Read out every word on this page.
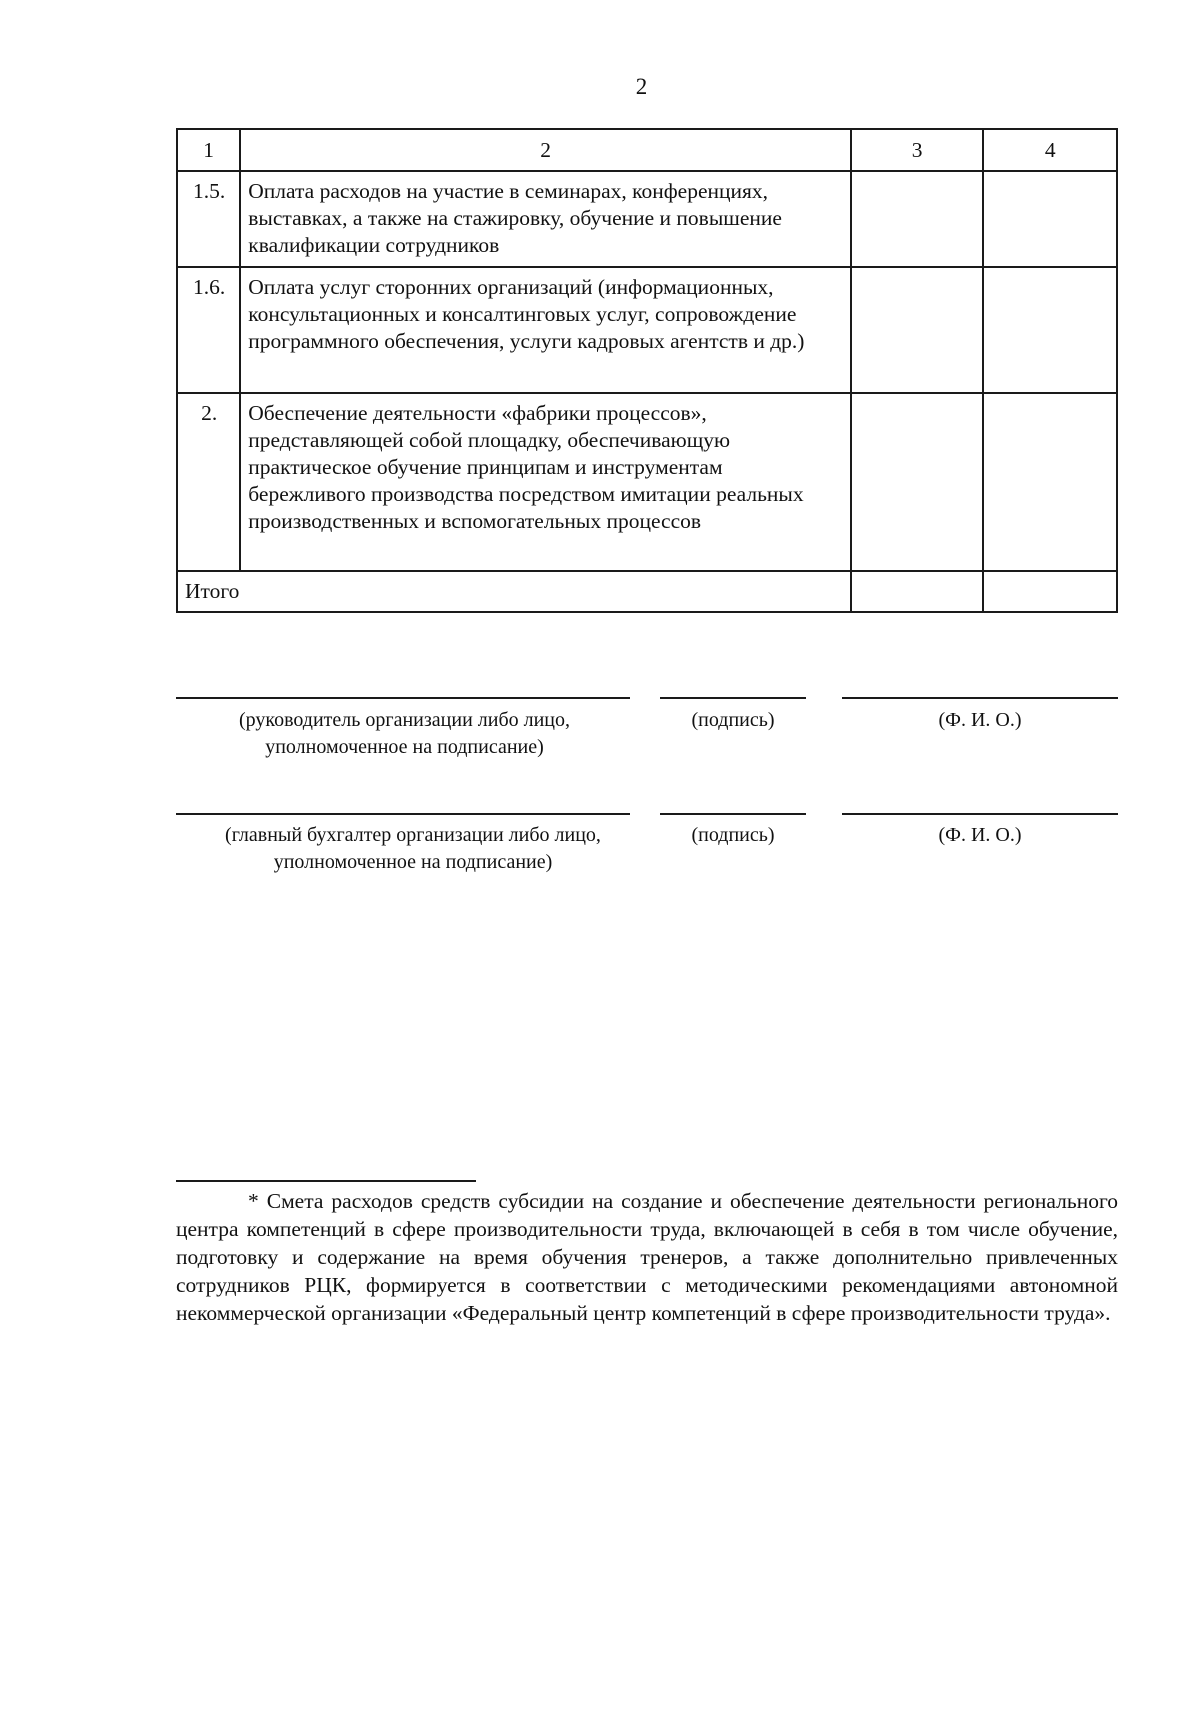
2
1	2	3	4
1.5.	Оплата расходов на участие в семинарах, конференциях, выставках, а также на стажировку, обучение и повышение квалификации сотрудников		
1.6.	Оплата услуг сторонних организаций (информационных, консультационных и консалтинговых услуг, сопровождение программного обеспечения, услуги кадровых агентств и др.)		
2.	Обеспечение деятельности «фабрики процессов», представляющей собой площадку, обеспечивающую практическое обучение принципам и инструментам бережливого производства посредством имитации реальных производственных и вспомогательных процессов		
Итого			
(руководитель организации либо лицо, уполномоченное на подписание)
(подпись)	(Ф. И. О.)
(главный бухгалтер организации либо лицо, уполномоченное на подписание)
(подпись)	(Ф. И. О.)
* Смета расходов средств субсидии на создание и обеспечение деятельности регионального центра компетенций в сфере производительности труда, включающей в себя в том числе обучение, подготовку и содержание на время обучения тренеров, а также дополнительно привлеченных сотрудников РЦК, формируется в соответствии с методическими рекомендациями автономной некоммерческой организации «Федеральный центр компетенций в сфере производительности труда».
